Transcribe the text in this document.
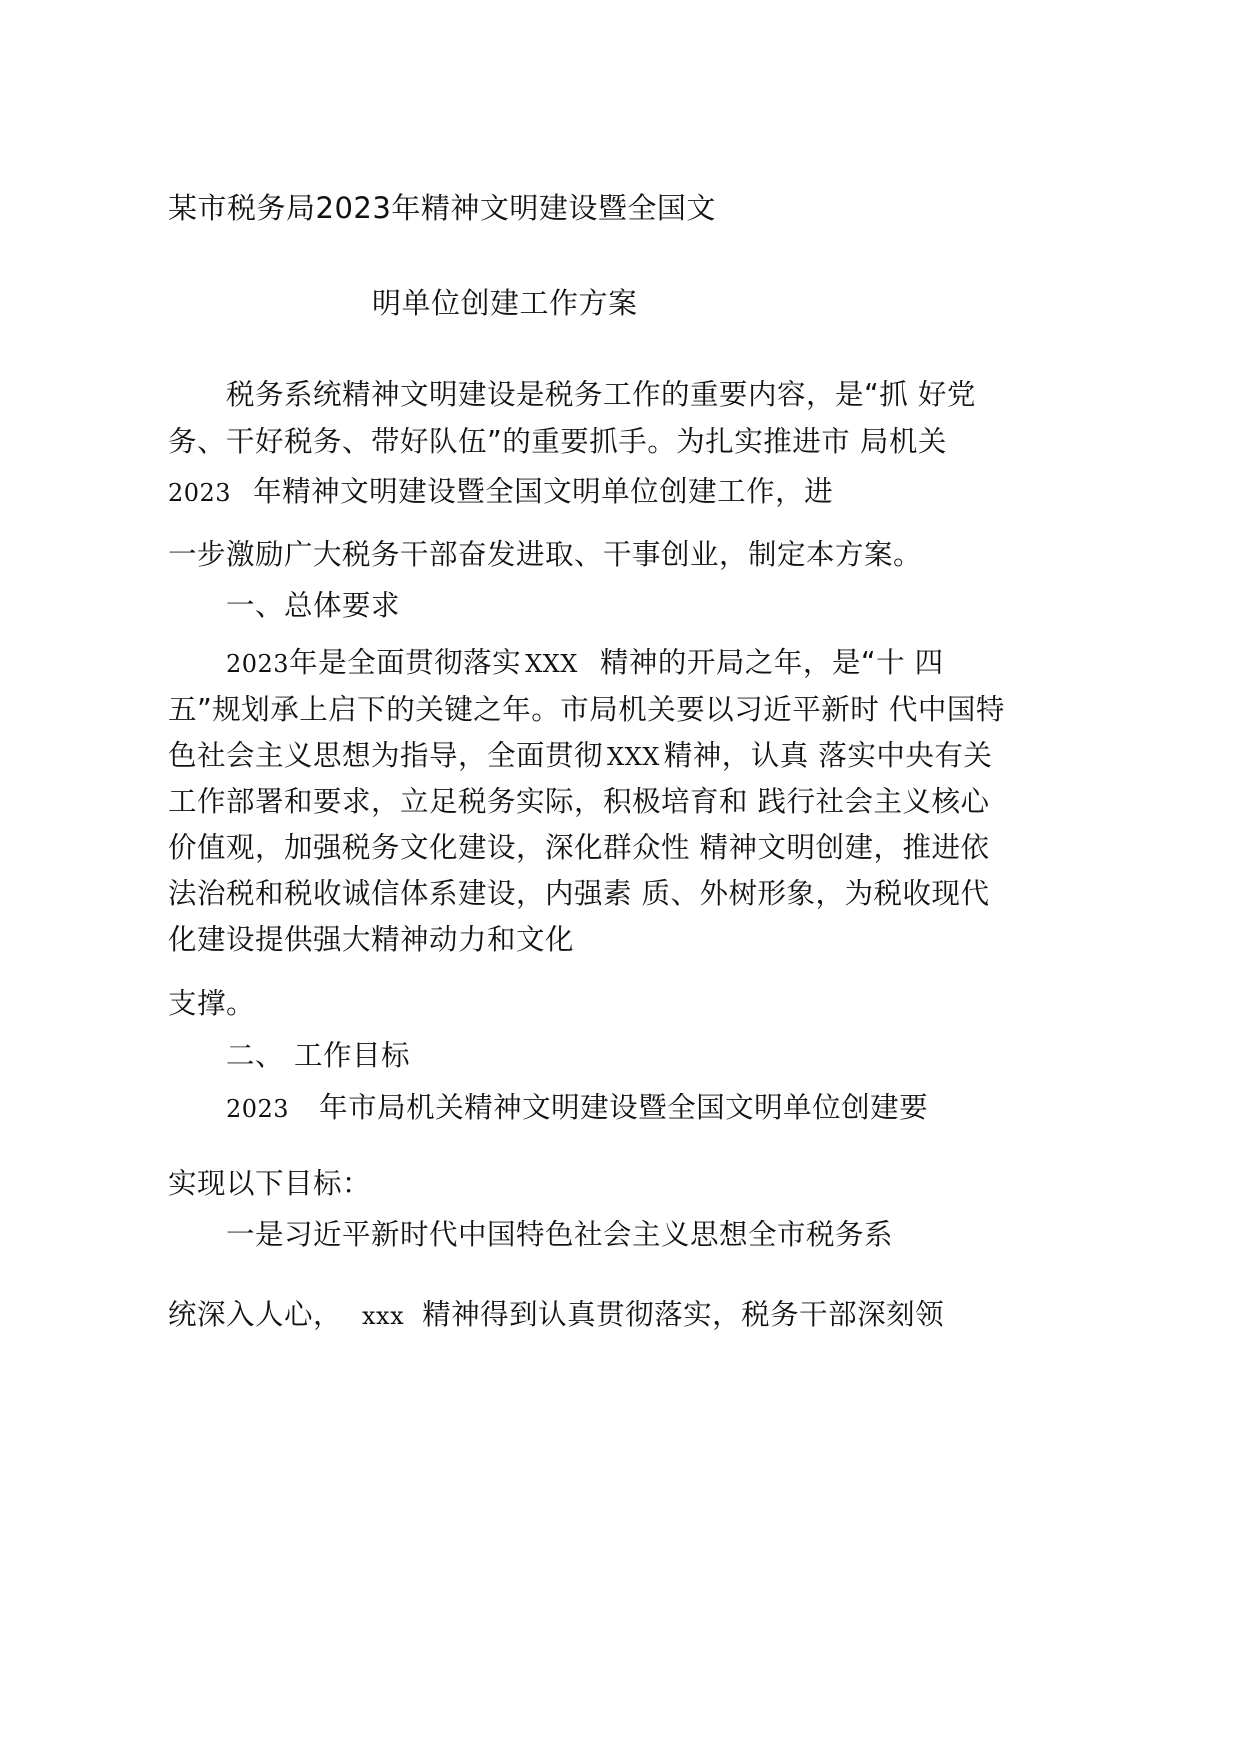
某市税务局2023年精神文明建设暨全国文
明单位创建工作方案
税务系统精神文明建设是税务工作的重要内容，是“抓 好党
务、干好税务、带好队伍”的重要抓手。为扎实推进市 局机关
2023 年精神文明建设暨全国文明单位创建工作，进
一步激励广大税务干部奋发进取、干事创业，制定本方案。
一、总体要求
2023年是全面贯彻落实 XXX 精神的开局之年，是“十 四
五”规划承上启下的关键之年。市局机关要以习近平新时 代中国特
色社会主义思想为指导，全面贯彻 XXX 精神，认真 落实中央有关
工作部署和要求，立足税务实际，积极培育和 践行社会主义核心
价值观，加强税务文化建设，深化群众性 精神文明创建，推进依
法治税和税收诚信体系建设，内强素 质、外树形象，为税收现代
化建设提供强大精神动力和文化
支撑。
二、 工作目标
2023 年市局机关精神文明建设暨全国文明单位创建要
实现以下目标：
一是习近平新时代中国特色社会主义思想全市税务系
统深入人心， xxx 精神得到认真贯彻落实，税务干部深刻领
